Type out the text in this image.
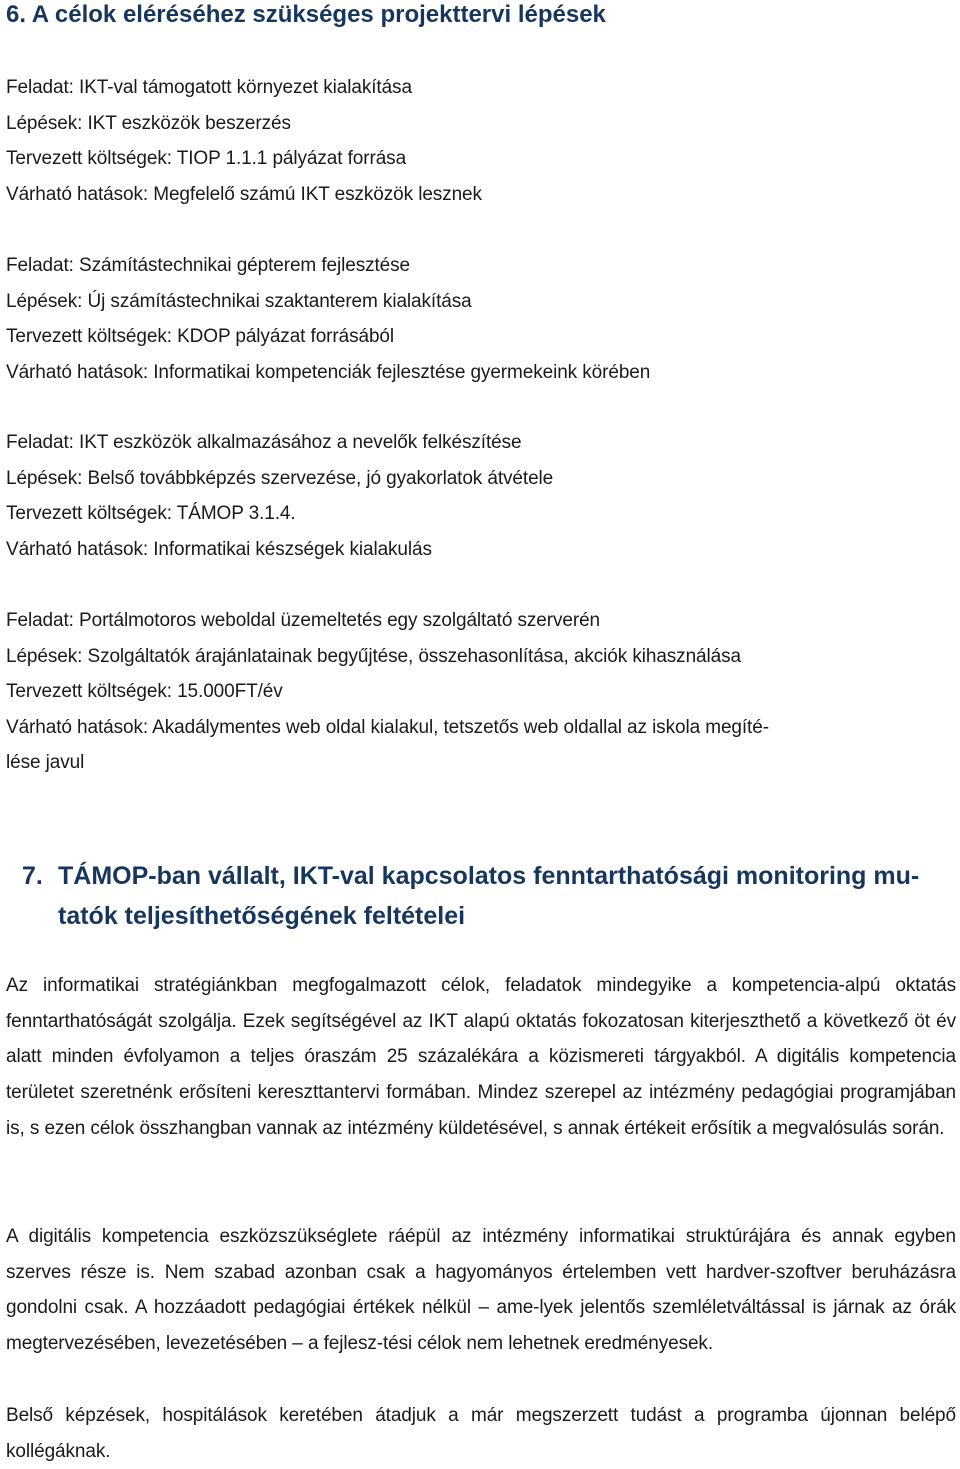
6. A célok eléréséhez szükséges projekttervi lépések
Feladat: IKT-val támogatott környezet kialakítása
Lépések: IKT eszközök beszerzés
Tervezett költségek: TIOP 1.1.1 pályázat forrása
Várható hatások: Megfelelő számú IKT eszközök lesznek
Feladat: Számítástechnikai gépterem fejlesztése
Lépések: Új számítástechnikai szaktanterem kialakítása
Tervezett költségek: KDOP pályázat forrásából
Várható hatások: Informatikai kompetenciák fejlesztése gyermekeink körében
Feladat: IKT eszközök alkalmazásához a nevelők felkészítése
Lépések: Belső továbbképzés szervezése, jó gyakorlatok átvétele
Tervezett költségek: TÁMOP 3.1.4.
Várható hatások: Informatikai készségek kialakulás
Feladat: Portálmotoros weboldal üzemeltetés egy szolgáltató szerverén
Lépések: Szolgáltatók árajánlatainak begyűjtése, összehasonlítása, akciók kihasználása
Tervezett költségek: 15.000FT/év
Várható hatások: Akadálymentes web oldal kialakul, tetszetős web oldallal az iskola megíté-
lése javul
7. TÁMOP-ban vállalt, IKT-val kapcsolatos fenntarthatósági monitoring mu-
tatók teljesíthetőségének feltételei
Az informatikai stratégiánkban megfogalmazott célok, feladatok mindegyike a kompetencia-alpú oktatás fenntarthatóságát szolgálja. Ezek segítségével az IKT alapú oktatás fokozatosan kiterjeszthető a következő öt év alatt minden évfolyamon a teljes óraszám 25 százalékára a közismereti tárgyakból. A digitális kompetencia területet szeretnénk erősíteni kereszttantervi formában. Mindez szerepel az intézmény pedagógiai programjában is, s ezen célok összhangban vannak az intézmény küldetésével, s annak értékeit erősítik a megvalósulás során.
A digitális kompetencia eszközszükséglete ráépül az intézmény informatikai struktúrájára és annak egyben szerves része is. Nem szabad azonban csak a hagyományos értelemben vett hardver-szoftver beruházásra gondolni csak. A hozzáadott pedagógiai értékek nélkül – ame-lyek jelentős szemléletváltással is járnak az órák megtervezésében, levezetésében – a fejlesz-tési célok nem lehetnek eredményesek.
Belső képzések, hospitálások keretében átadjuk a már megszerzett tudást a programba újonnan belépő kollégáknak.
